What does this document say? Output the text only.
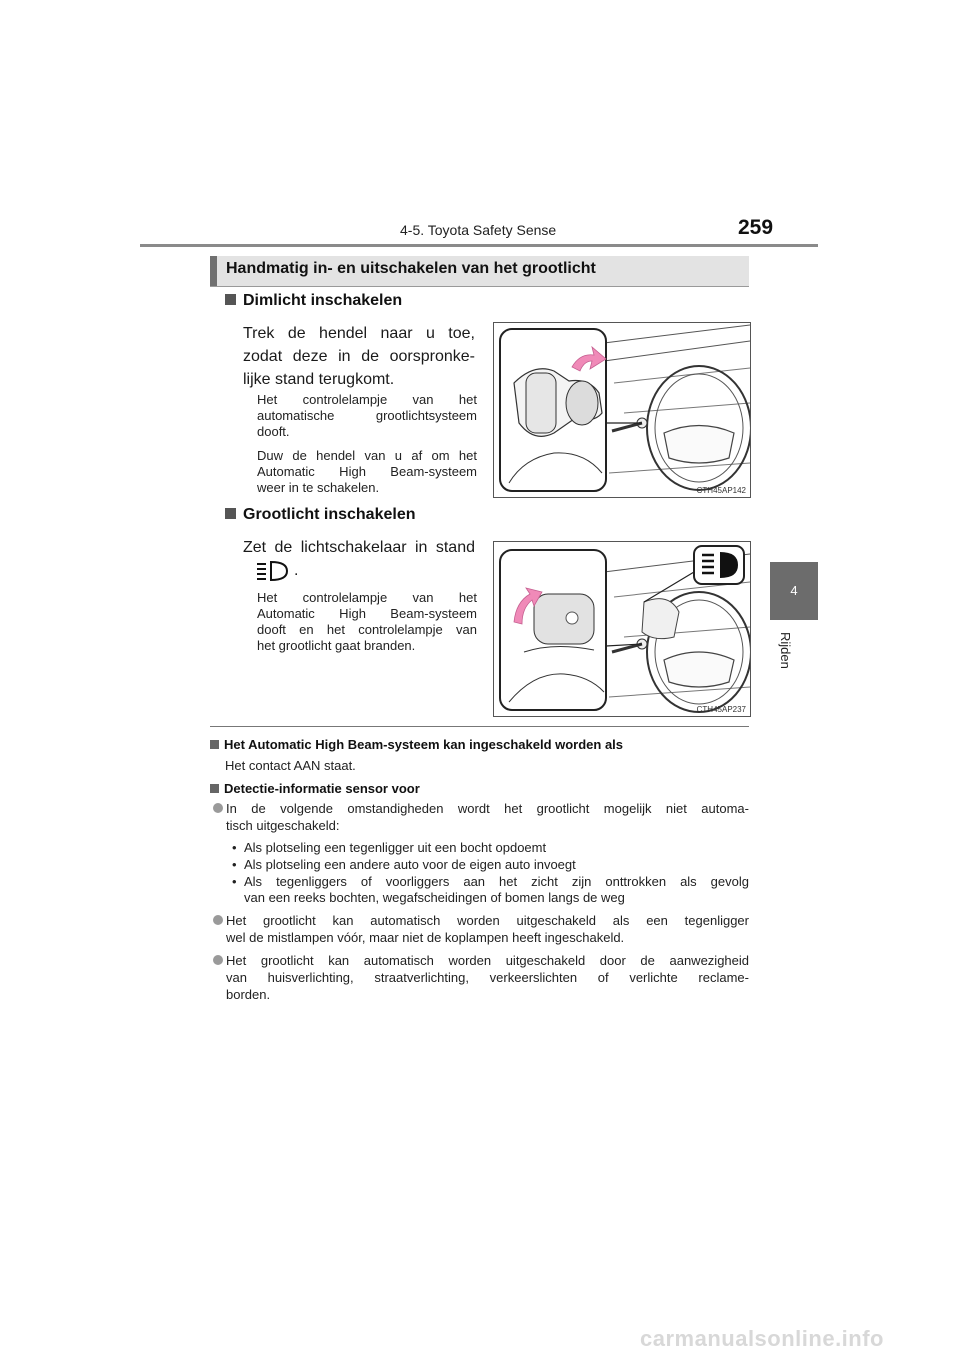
4-5. Toyota Safety Sense	259
4
Rijden
Handmatig in- en uitschakelen van het grootlicht
Dimlicht inschakelen
Trek de hendel naar u toe,
zodat deze in de oorspronke-
lijke stand terugkomt.
Het controlelampje van het
automatische grootlichtsysteem
dooft.
Duw de hendel van u af om het
Automatic High Beam-systeem
weer in te schakelen.	CTH45AP142
Grootlicht inschakelen
Zet de lichtschakelaar in stand
.
Het controlelampje van het
Automatic High Beam-systeem
dooft en het controlelampje van
het grootlicht gaat branden.
CTH45AP237
Het Automatic High Beam-systeem kan ingeschakeld worden als
Het contact AAN staat.
Detectie-informatie sensor voor
In de volgende omstandigheden wordt het grootlicht mogelijk niet automa-
tisch uitgeschakeld:
• Als plotseling een tegenligger uit een bocht opdoemt
• Als plotseling een andere auto voor de eigen auto invoegt
• Als tegenliggers of voorliggers aan het zicht zijn onttrokken als gevolg
van een reeks bochten, wegafscheidingen of bomen langs de weg
Het grootlicht kan automatisch worden uitgeschakeld als een tegenligger
wel de mistlampen vóór, maar niet de koplampen heeft ingeschakeld.
Het grootlicht kan automatisch worden uitgeschakeld door de aanwezigheid
van huisverlichting, straatverlichting, verkeerslichten of verlichte reclame-
borden.
carmanualsonline.info
